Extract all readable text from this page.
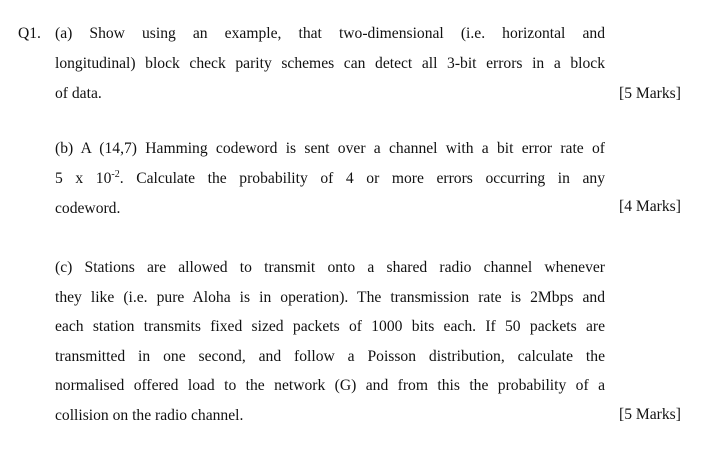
Q1. (a) Show using an example, that two-dimensional (i.e. horizontal and
longitudinal) block check parity schemes can detect all 3-bit errors in a block
of data.	[5 Marks]
(b) A (14,7) Hamming codeword is sent over a channel with a bit error rate of
5 x $10^{-2}$. Calculate the probability of 4 or more errors occurring in any
codeword.	[4 Marks]
(c) Stations are allowed to transmit onto a shared radio channel whenever
they like (i.e. pure Aloha is in operation). The transmission rate is 2Mbps and
each station transmits fixed sized packets of 1000 bits each. If 50 packets are
transmitted in one second, and follow a Poisson distribution, calculate the
normalised offered load to the network (G) and from this the probability of a
collision on the radio channel.	[5 Marks]
